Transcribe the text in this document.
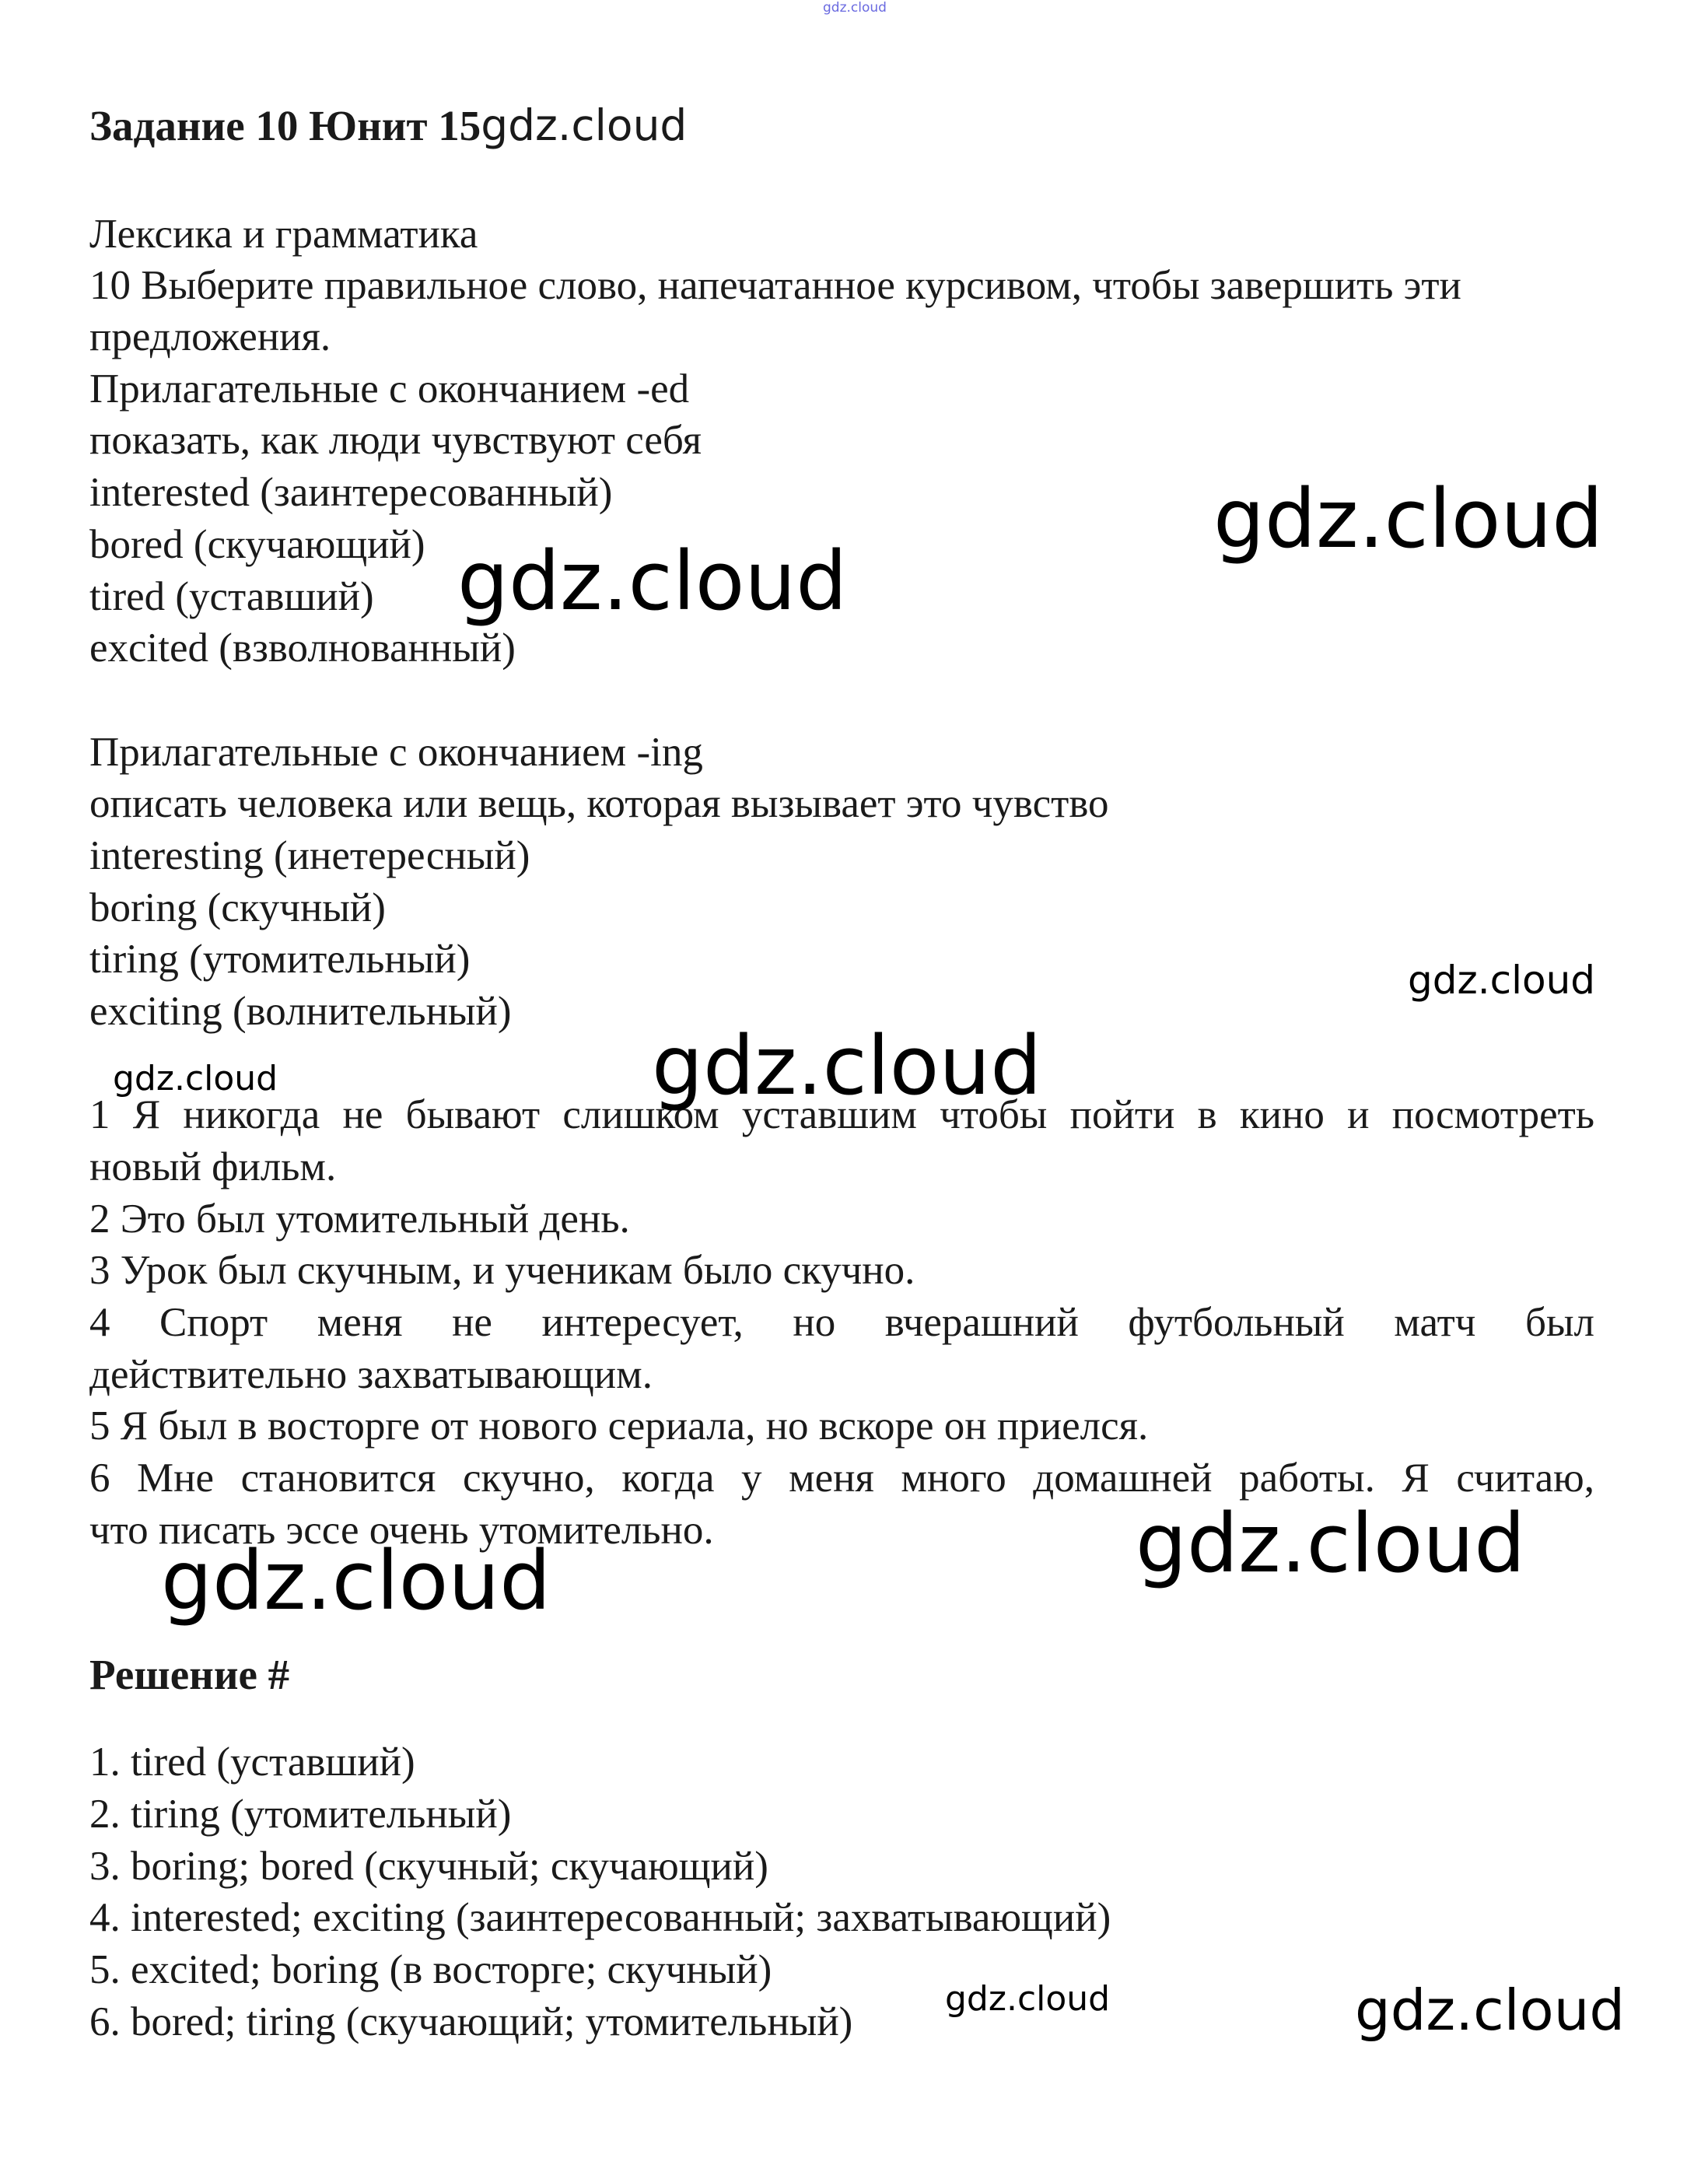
gdz.cloud
Задание 10 Юнит 15gdz.cloud
Лексика и грамматика
10 Выберите правильное слово, напечатанное курсивом, чтобы завершить эти
предложения.
Прилагательные с окончанием -ed
показать, как люди чувствуют себя
interested (заинтересованный)
bored (скучающий)
tired (уставший)
excited (взволнованный)
Прилагательные с окончанием -ing
описать человека или вещь, которая вызывает это чувство
interesting (инетересный)
boring (скучный)
tiring (утомительный)
exciting (волнительный)
1 Я никогда не бывают слишком уставшим чтобы пойти в кино и посмотреть
новый фильм.
2 Это был утомительный день.
3 Урок был скучным, и ученикам было скучно.
4 Спорт меня не интересует, но вчерашний футбольный матч был
действительно захватывающим.
5 Я был в восторге от нового сериала, но вскоре он приелся.
6 Мне становится скучно, когда у меня много домашней работы. Я считаю,
что писать эссе очень утомительно.
Решение #
1. tired (уставший)
2. tiring (утомительный)
3. boring; bored (скучный; скучающий)
4. interested; exciting (заинтересованный; захватывающий)
5. excited; boring (в восторге; скучный)
6. bored; tiring (скучающий; утомительный)
gdz.cloud
gdz.cloud
gdz.cloud
gdz.cloud
gdz.cloud
gdz.cloud
gdz.cloud
gdz.cloud	gdz.cloud
